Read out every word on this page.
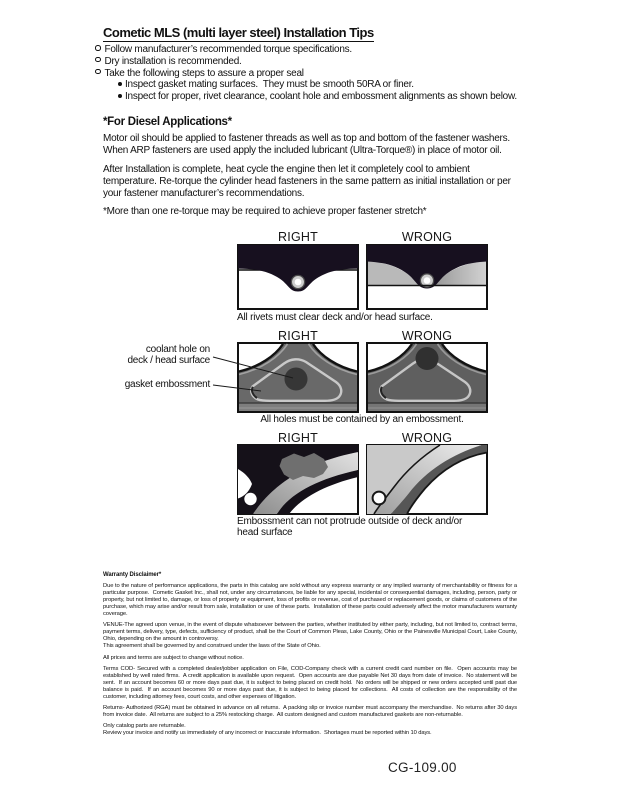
Cometic MLS (multi layer steel) Installation Tips
Follow manufacturer’s recommended torque specifications.
Dry installation is recommended.
Take the following steps to assure a proper seal
Inspect gasket mating surfaces.  They must be smooth 50RA or finer.
Inspect for proper, rivet clearance, coolant hole and embossment alignments as shown below.
*For Diesel Applications*
Motor oil should be applied to fastener threads as well as top and bottom of the fastener washers. When ARP fasteners are used apply the included lubricant (Ultra-Torque®) in place of motor oil.
After Installation is complete, heat cycle the engine then let it completely cool to ambient temperature. Re-torque the cylinder head fasteners in the same pattern as initial installation or per your fastener manufacturer’s recommendations.
*More than one re-torque may be required to achieve proper fastener stretch*
RIGHT	WRONG
All rivets must clear deck and/or head surface.
RIGHT	WRONG
coolant hole on
deck / head surface
gasket embossment
All holes must be contained by an embossment.
RIGHT	WRONG
Embossment can not protrude outside of deck and/or head surface
Warranty Disclaimer*
Due to the nature of performance applications, the parts in this catalog are sold without any express warranty or any implied warranty of merchantability or fitness for a particular purpose.  Cometic Gasket Inc., shall not, under any circumstances, be liable for any special, incidental or consequential damages, including, person, party or property, but not limited to, damage, or loss of property or equipment, loss of profits or revenue, cost of purchased or replacement goods, or claims of customers of the purchase, which may arise and/or result from sale, installation or use of these parts.  Installation of these parts could adversely affect the motor manufacturers warranty coverage.
VENUE-The agreed upon venue, in the event of dispute whatsoever between the parties, whether instituted by either party, including, but not limited to, contract terms, payment terms, delivery, type, defects, sufficiency of product, shall be the Court of Common Pleas, Lake County, Ohio or the Painesville Municipal Court, Lake County, Ohio, depending on the amount in controversy.
This agreement shall be governed by and construed under the laws of the State of Ohio.
All prices and terms are subject to change without notice.
Terms COD- Secured with a completed dealer/jobber application on File, COD-Company check with a current credit card number on file.  Open accounts may be established by well rated firms.  A credit application is available upon request.  Open accounts are due payable Net 30 days from date of invoice.  No statement will be sent.  If an account becomes 60 or more days past due, it is subject to being placed on credit hold.  No orders will be shipped or new orders accepted until past due balance is paid.  If an account becomes 90 or more days past due, it is subject to being placed for collections.  All costs of collection are the responsibility of the customer, including attorney fees, court costs, and other expenses of litigation.
Returns- Authorized (RGA) must be obtained in advance on all returns.  A packing slip or invoice number must accompany the merchandise.  No returns after 30 days from invoice date.  All returns are subject to a 25% restocking charge.  All custom designed and custom manufactured gaskets are non-returnable.
Only catalog parts are returnable.
Review your invoice and notify us immediately of any incorrect or inaccurate information.  Shortages must be reported within 10 days.
CG-109.00
